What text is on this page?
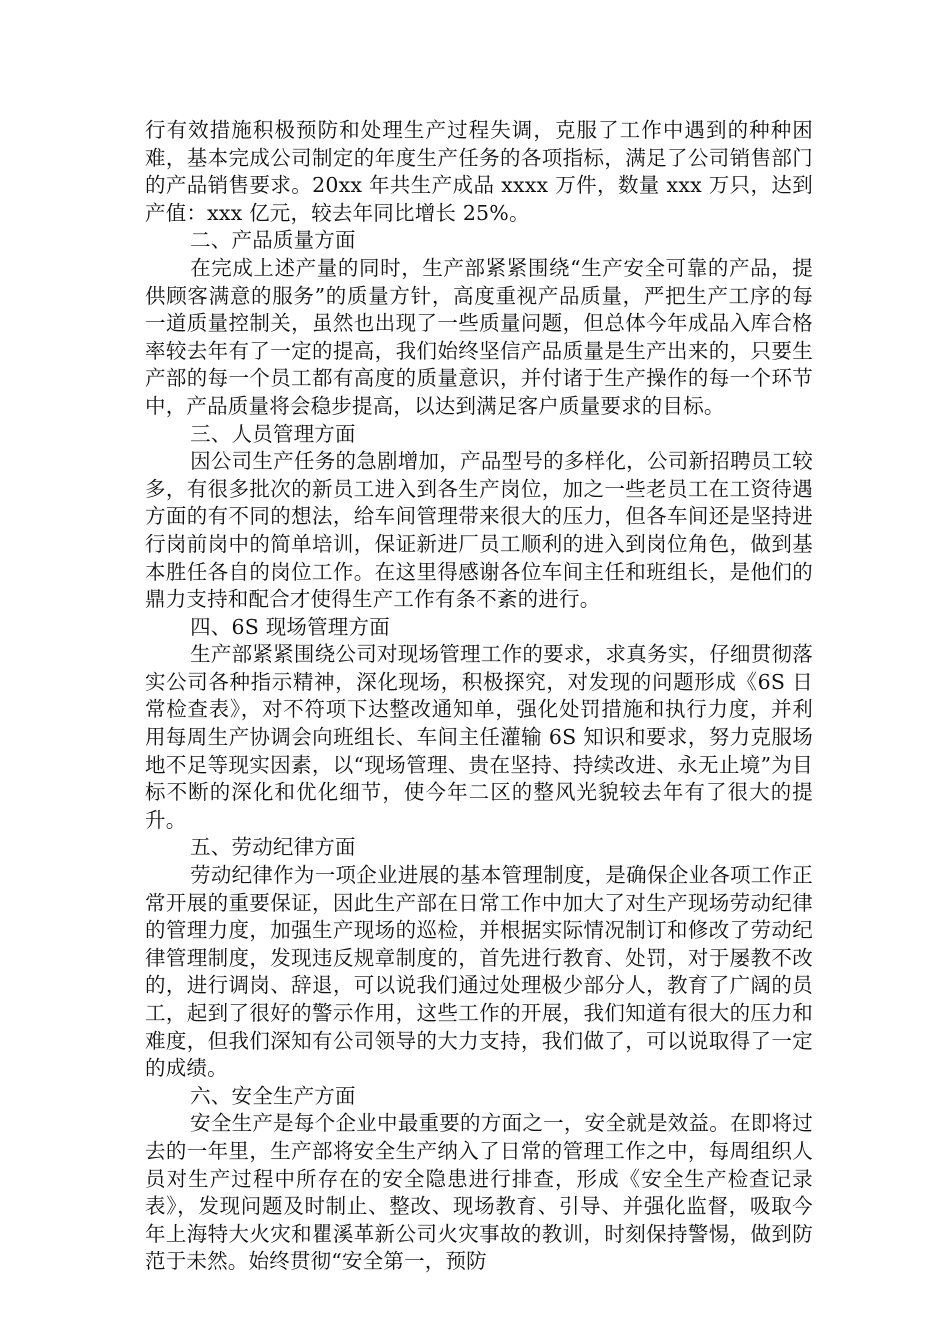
行有效措施积极预防和处理生产过程失调，克服了工作中遇到的种种困难，基本完成公司制定的年度生产任务的各项指标，满足了公司销售部门的产品销售要求。20xx 年共生产成品 xxxx 万件，数量 xxx 万只，达到产值：xxx 亿元，较去年同比增长 25%。

二、产品质量方面

在完成上述产量的同时，生产部紧紧围绕“生产安全可靠的产品，提供顾客满意的服务”的质量方针，高度重视产品质量，严把生产工序的每一道质量控制关，虽然也出现了一些质量问题，但总体今年成品入库合格率较去年有了一定的提高，我们始终坚信产品质量是生产出来的，只要生产部的每一个员工都有高度的质量意识，并付诸于生产操作的每一个环节中，产品质量将会稳步提高，以达到满足客户质量要求的目标。

三、人员管理方面

因公司生产任务的急剧增加，产品型号的多样化，公司新招聘员工较多，有很多批次的新员工进入到各生产岗位，加之一些老员工在工资待遇方面的有不同的想法，给车间管理带来很大的压力，但各车间还是坚持进行岗前岗中的简单培训，保证新进厂员工顺利的进入到岗位角色，做到基本胜任各自的岗位工作。在这里得感谢各位车间主任和班组长，是他们的鼎力支持和配合才使得生产工作有条不紊的进行。

四、6S 现场管理方面

生产部紧紧围绕公司对现场管理工作的要求，求真务实，仔细贯彻落实公司各种指示精神，深化现场，积极探究，对发现的问题形成《6S 日常检查表》，对不符项下达整改通知单，强化处罚措施和执行力度，并利用每周生产协调会向班组长、车间主任灌输 6S 知识和要求，努力克服场地不足等现实因素，以“现场管理、贵在坚持、持续改进、永无止境”为目标不断的深化和优化细节，使今年二区的整风光貌较去年有了很大的提升。

五、劳动纪律方面

劳动纪律作为一项企业进展的基本管理制度，是确保企业各项工作正常开展的重要保证，因此生产部在日常工作中加大了对生产现场劳动纪律的管理力度，加强生产现场的巡检，并根据实际情况制订和修改了劳动纪律管理制度，发现违反规章制度的，首先进行教育、处罚，对于屡教不改的，进行调岗、辞退，可以说我们通过处理极少部分人，教育了广阔的员工，起到了很好的警示作用，这些工作的开展，我们知道有很大的压力和难度，但我们深知有公司领导的大力支持，我们做了，可以说取得了一定的成绩。

六、安全生产方面

安全生产是每个企业中最重要的方面之一，安全就是效益。在即将过去的一年里，生产部将安全生产纳入了日常的管理工作之中，每周组织人员对生产过程中所存在的安全隐患进行排查，形成《安全生产检查记录表》，发现问题及时制止、整改、现场教育、引导、并强化监督，吸取今年上海特大火灾和瞿溪革新公司火灾事故的教训，时刻保持警惕，做到防范于未然。始终贯彻“安全第一，预防
